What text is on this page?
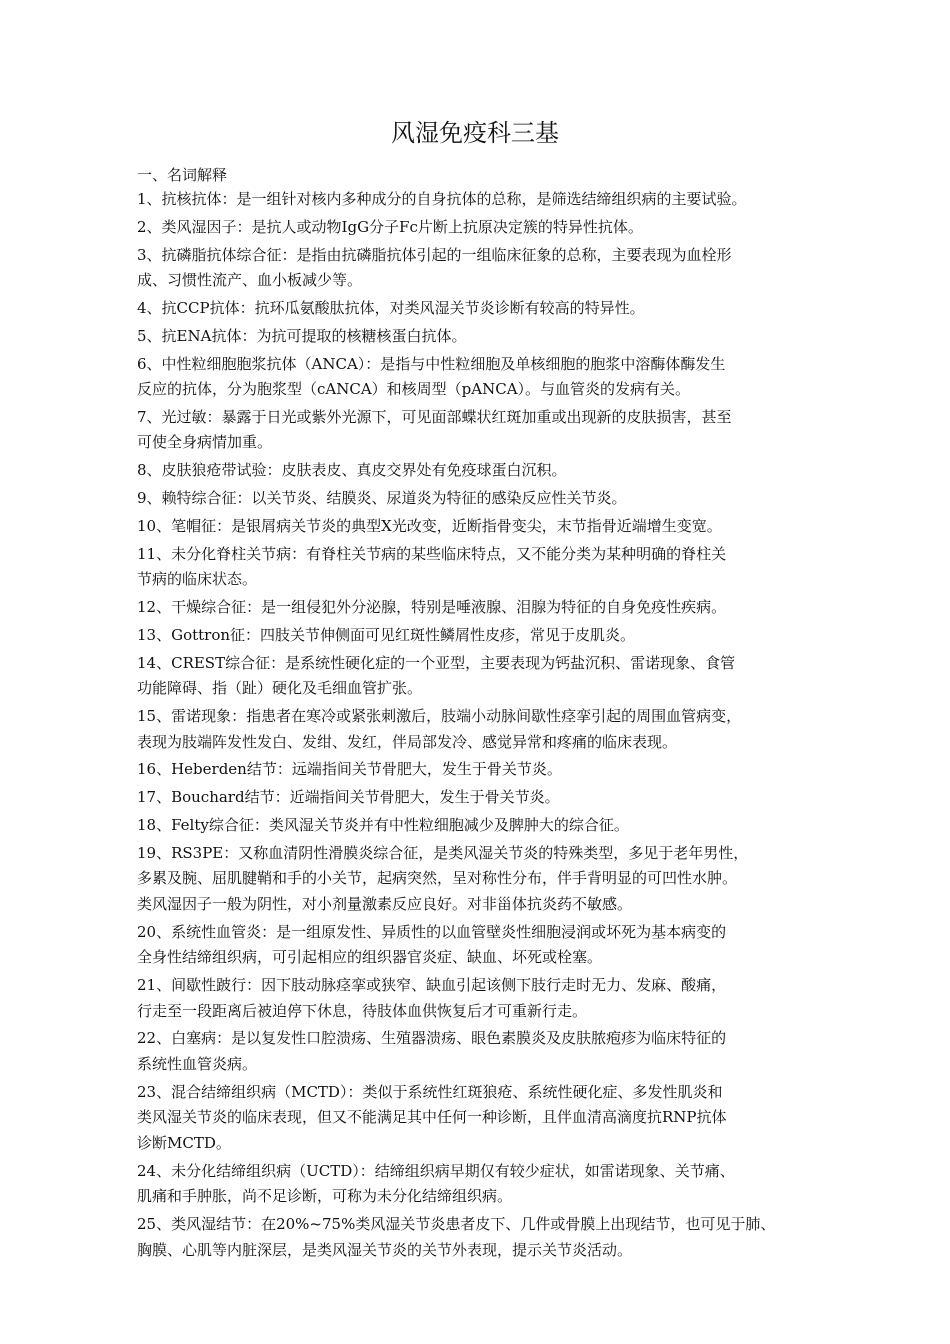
风湿免疫科三基
一、名词解释
1、抗核抗体：是一组针对核内多种成分的自身抗体的总称，是筛选结缔组织病的主要试验。
2、类风湿因子：是抗人或动物IgG分子Fc片断上抗原决定簇的特异性抗体。
3、抗磷脂抗体综合征：是指由抗磷脂抗体引起的一组临床征象的总称，主要表现为血栓形
成、习惯性流产、血小板减少等。
4、抗CCP抗体：抗环瓜氨酸肽抗体，对类风湿关节炎诊断有较高的特异性。
5、抗ENA抗体：为抗可提取的核糖核蛋白抗体。
6、中性粒细胞胞浆抗体（ANCA）：是指与中性粒细胞及单核细胞的胞浆中溶酶体酶发生
反应的抗体，分为胞浆型（cANCA）和核周型（pANCA）。与血管炎的发病有关。
7、光过敏：暴露于日光或紫外光源下，可见面部蝶状红斑加重或出现新的皮肤损害，甚至
可使全身病情加重。
8、皮肤狼疮带试验：皮肤表皮、真皮交界处有免疫球蛋白沉积。
9、赖特综合征：以关节炎、结膜炎、尿道炎为特征的感染反应性关节炎。
10、笔帽征：是银屑病关节炎的典型X光改变，近断指骨变尖，末节指骨近端增生变宽。
11、未分化脊柱关节病：有脊柱关节病的某些临床特点，又不能分类为某种明确的脊柱关
节病的临床状态。
12、干燥综合征：是一组侵犯外分泌腺，特别是唾液腺、泪腺为特征的自身免疫性疾病。
13、Gottron征：四肢关节伸侧面可见红斑性鳞屑性皮疹，常见于皮肌炎。
14、CREST综合征：是系统性硬化症的一个亚型，主要表现为钙盐沉积、雷诺现象、食管
功能障碍、指（趾）硬化及毛细血管扩张。
15、雷诺现象：指患者在寒冷或紧张刺激后，肢端小动脉间歇性痉挛引起的周围血管病变，
表现为肢端阵发性发白、发绀、发红，伴局部发冷、感觉异常和疼痛的临床表现。
16、Heberden结节：远端指间关节骨肥大，发生于骨关节炎。
17、Bouchard结节：近端指间关节骨肥大，发生于骨关节炎。
18、Felty综合征：类风湿关节炎并有中性粒细胞减少及脾肿大的综合征。
19、RS3PE：又称血清阴性滑膜炎综合征，是类风湿关节炎的特殊类型，多见于老年男性，
多累及腕、屈肌腱鞘和手的小关节，起病突然，呈对称性分布，伴手背明显的可凹性水肿。
类风湿因子一般为阴性，对小剂量激素反应良好。对非甾体抗炎药不敏感。
20、系统性血管炎：是一组原发性、异质性的以血管壁炎性细胞浸润或坏死为基本病变的
全身性结缔组织病，可引起相应的组织器官炎症、缺血、坏死或栓塞。
21、间歇性跛行：因下肢动脉痉挛或狭窄、缺血引起该侧下肢行走时无力、发麻、酸痛，
行走至一段距离后被迫停下休息，待肢体血供恢复后才可重新行走。
22、白塞病：是以复发性口腔溃疡、生殖器溃疡、眼色素膜炎及皮肤脓疱疹为临床特征的
系统性血管炎病。
23、混合结缔组织病（MCTD）：类似于系统性红斑狼疮、系统性硬化症、多发性肌炎和
类风湿关节炎的临床表现，但又不能满足其中任何一种诊断，且伴血清高滴度抗RNP抗体
诊断MCTD。
24、未分化结缔组织病（UCTD）：结缔组织病早期仅有较少症状，如雷诺现象、关节痛、
肌痛和手肿胀，尚不足诊断，可称为未分化结缔组织病。
25、类风湿结节：在20%~75%类风湿关节炎患者皮下、几件或骨膜上出现结节，也可见于肺、
胸膜、心肌等内脏深层，是类风湿关节炎的关节外表现，提示关节炎活动。
